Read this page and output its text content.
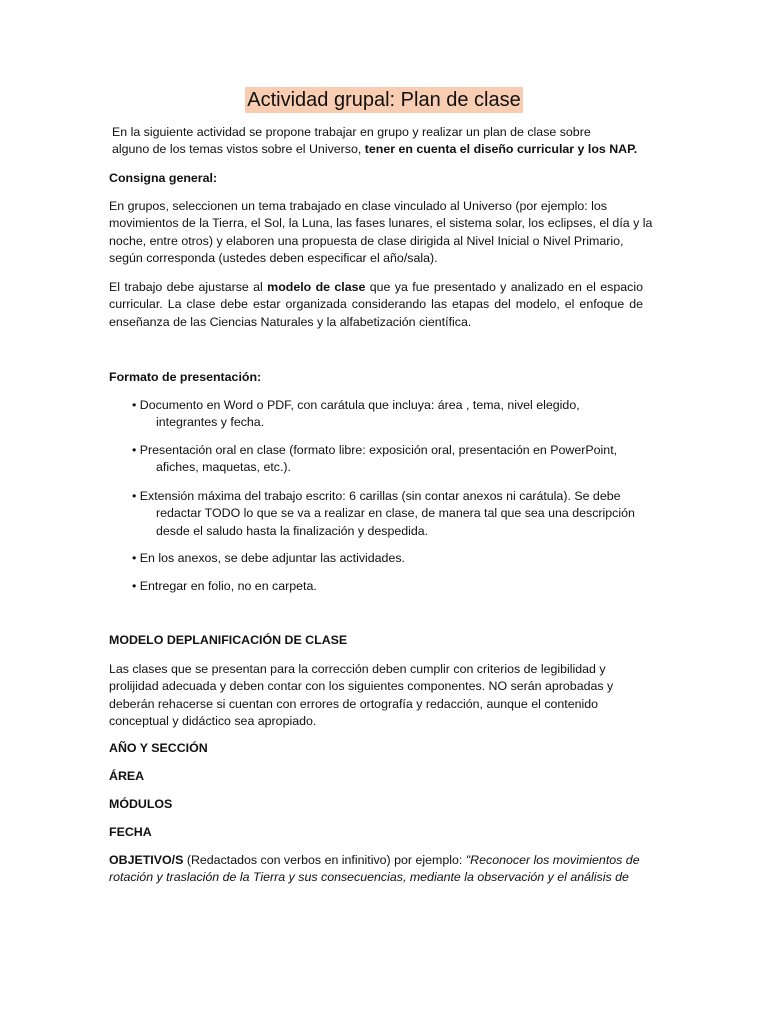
Actividad grupal: Plan de clase

En la siguiente actividad se propone trabajar en grupo y realizar un plan de clase sobre
alguno de los temas vistos sobre el Universo, tener en cuenta el diseño curricular y los NAP.

Consigna general:

En grupos, seleccionen un tema trabajado en clase vinculado al Universo (por ejemplo: los movimientos de la Tierra, el Sol, la Luna, las fases lunares, el sistema solar, los eclipses, el día y la noche, entre otros) y elaboren una propuesta de clase dirigida al Nivel Inicial o Nivel Primario, según corresponda (ustedes deben especificar el año/sala).

El trabajo debe ajustarse al modelo de clase que ya fue presentado y analizado en el espacio curricular. La clase debe estar organizada considerando las etapas del modelo, el enfoque de enseñanza de las Ciencias Naturales y la alfabetización científica.

Formato de presentación:

• Documento en Word o PDF, con carátula que incluya: área , tema, nivel elegido,
integrantes y fecha.

• Presentación oral en clase (formato libre: exposición oral, presentación en PowerPoint,
afiches, maquetas, etc.).

• Extensión máxima del trabajo escrito: 6 carillas (sin contar anexos ni carátula). Se debe
redactar TODO lo que se va a realizar en clase, de manera tal que sea una descripción desde el saludo hasta la finalización y despedida.

• En los anexos, se debe adjuntar las actividades.

• Entregar en folio, no en carpeta.

MODELO DEPLANIFICACIÓN DE CLASE

Las clases que se presentan para la corrección deben cumplir con criterios de legibilidad y prolijidad adecuada y deben contar con los siguientes componentes. NO serán aprobadas y deberán rehacerse si cuentan con errores de ortografía y redacción, aunque el contenido conceptual y didáctico sea apropiado.

AÑO Y SECCIÓN

ÁREA

MÓDULOS

FECHA

OBJETIVO/S (Redactados con verbos en infinitivo) por ejemplo: "Reconocer los movimientos de rotación y traslación de la Tierra y sus consecuencias, mediante la observación y el análisis de
